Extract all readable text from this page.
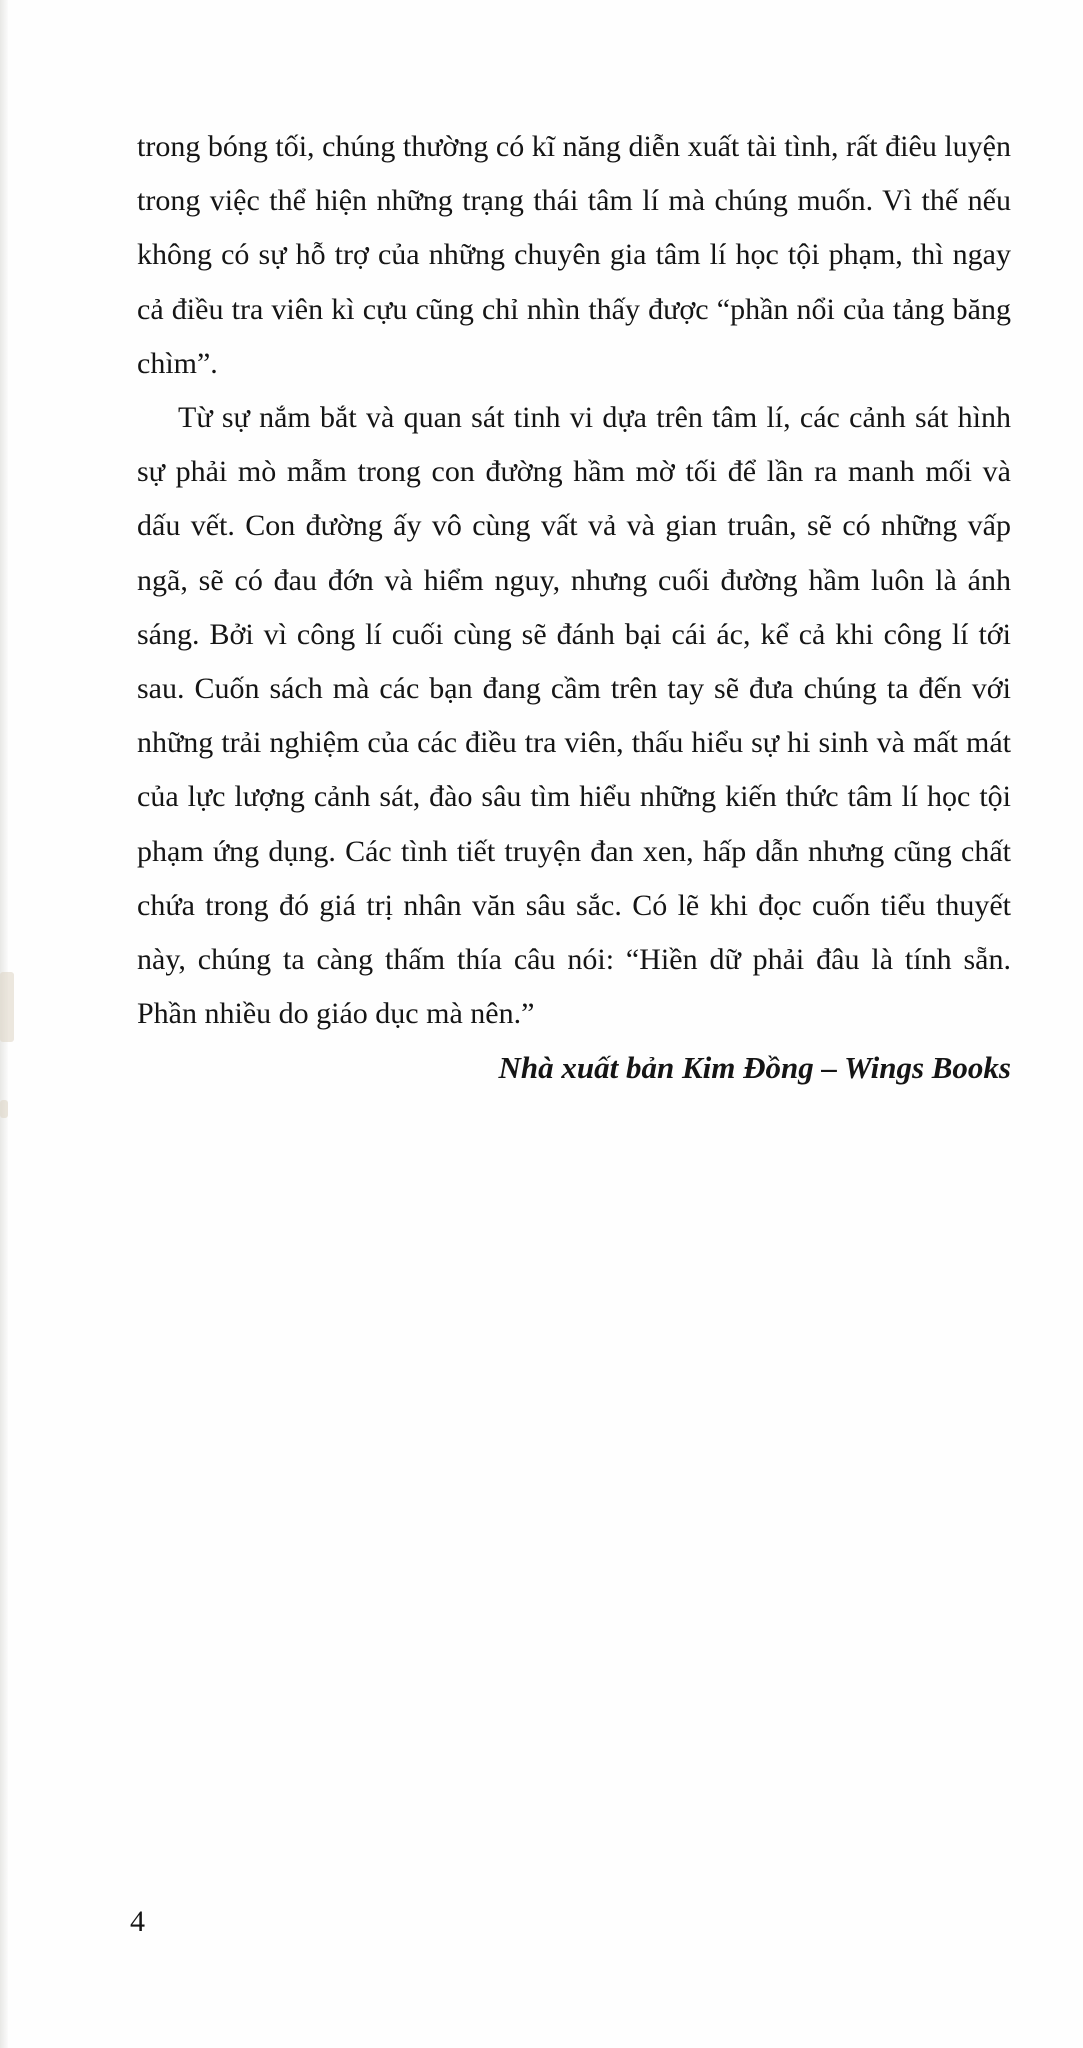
trong bóng tối, chúng thường có kĩ năng diễn xuất tài tình, rất điêu luyện trong việc thể hiện những trạng thái tâm lí mà chúng muốn. Vì thế nếu không có sự hỗ trợ của những chuyên gia tâm lí học tội phạm, thì ngay cả điều tra viên kì cựu cũng chỉ nhìn thấy được “phần nổi của tảng băng chìm”.

Từ sự nắm bắt và quan sát tinh vi dựa trên tâm lí, các cảnh sát hình sự phải mò mẫm trong con đường hầm mờ tối để lần ra manh mối và dấu vết. Con đường ấy vô cùng vất vả và gian truân, sẽ có những vấp ngã, sẽ có đau đớn và hiểm nguy, nhưng cuối đường hầm luôn là ánh sáng. Bởi vì công lí cuối cùng sẽ đánh bại cái ác, kể cả khi công lí tới sau. Cuốn sách mà các bạn đang cầm trên tay sẽ đưa chúng ta đến với những trải nghiệm của các điều tra viên, thấu hiểu sự hi sinh và mất mát của lực lượng cảnh sát, đào sâu tìm hiểu những kiến thức tâm lí học tội phạm ứng dụng. Các tình tiết truyện đan xen, hấp dẫn nhưng cũng chất chứa trong đó giá trị nhân văn sâu sắc. Có lẽ khi đọc cuốn tiểu thuyết này, chúng ta càng thấm thía câu nói: “Hiền dữ phải đâu là tính sẵn. Phần nhiều do giáo dục mà nên.”

Nhà xuất bản Kim Đồng – Wings Books

4
